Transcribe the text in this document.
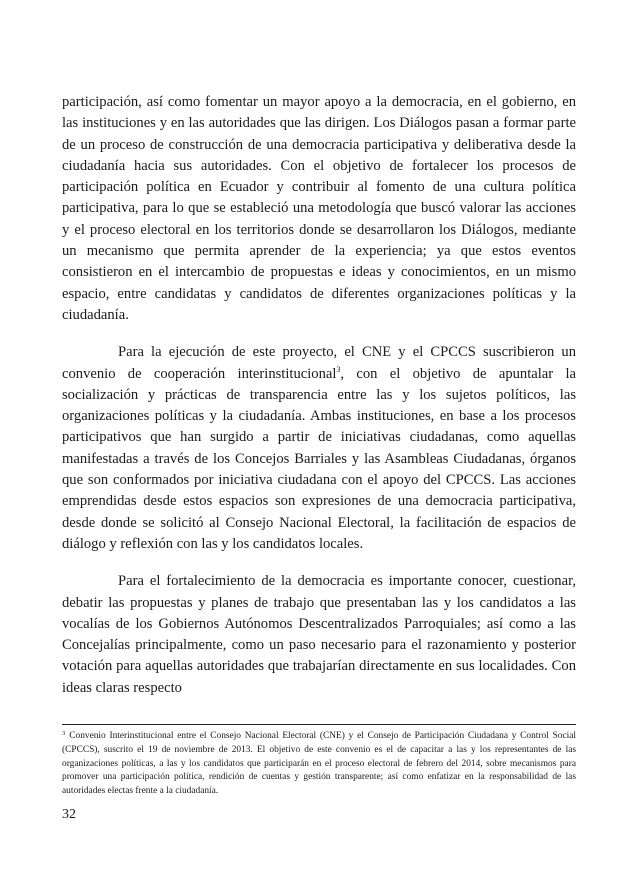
participación, así como fomentar un mayor apoyo a la democracia, en el gobierno, en las instituciones y en las autoridades que las dirigen. Los Diálogos pasan a formar parte de un proceso de construcción de una democracia participativa y deliberativa desde la ciudadanía hacia sus autoridades. Con el objetivo de fortalecer los procesos de participación política en Ecuador y contribuir al fomento de una cultura política participativa, para lo que se estableció una metodología que buscó valorar las acciones y el proceso electoral en los territorios donde se desarrollaron los Diálogos, mediante un mecanismo que permita aprender de la experiencia; ya que estos eventos consistieron en el intercambio de propuestas e ideas y conocimientos, en un mismo espacio, entre candidatas y candidatos de diferentes organizaciones políticas y la ciudadanía.

Para la ejecución de este proyecto, el CNE y el CPCCS suscribieron un convenio de cooperación interinstitucional$^3$, con el objetivo de apuntalar la socialización y prácticas de transparencia entre las y los sujetos políticos, las organizaciones políticas y la ciudadanía. Ambas instituciones, en base a los procesos participativos que han surgido a partir de iniciativas ciudadanas, como aquellas manifestadas a través de los Concejos Barriales y las Asambleas Ciudadanas, órganos que son conformados por iniciativa ciudadana con el apoyo del CPCCS. Las acciones emprendidas desde estos espacios son expresiones de una democracia participativa, desde donde se solicitó al Consejo Nacional Electoral, la facilitación de espacios de diálogo y reflexión con las y los candidatos locales.

Para el fortalecimiento de la democracia es importante conocer, cuestionar, debatir las propuestas y planes de trabajo que presentaban las y los candidatos a las vocalías de los Gobiernos Autónomos Descentralizados Parroquiales; así como a las Concejalías principalmente, como un paso necesario para el razonamiento y posterior votación para aquellas autoridades que trabajarían directamente en sus localidades. Con ideas claras respecto

$^3$ Convenio Interinstitucional entre el Consejo Nacional Electoral (CNE) y el Consejo de Participación Ciudadana y Control Social (CPCCS), suscrito el 19 de noviembre de 2013. El objetivo de este convenio es el de capacitar a las y los representantes de las organizaciones políticas, a las y los candidatos que participarán en el proceso electoral de febrero del 2014, sobre mecanismos para promover una participación política, rendición de cuentas y gestión transparente; así como enfatizar en la responsabilidad de las autoridades electas frente a la ciudadanía.

32
